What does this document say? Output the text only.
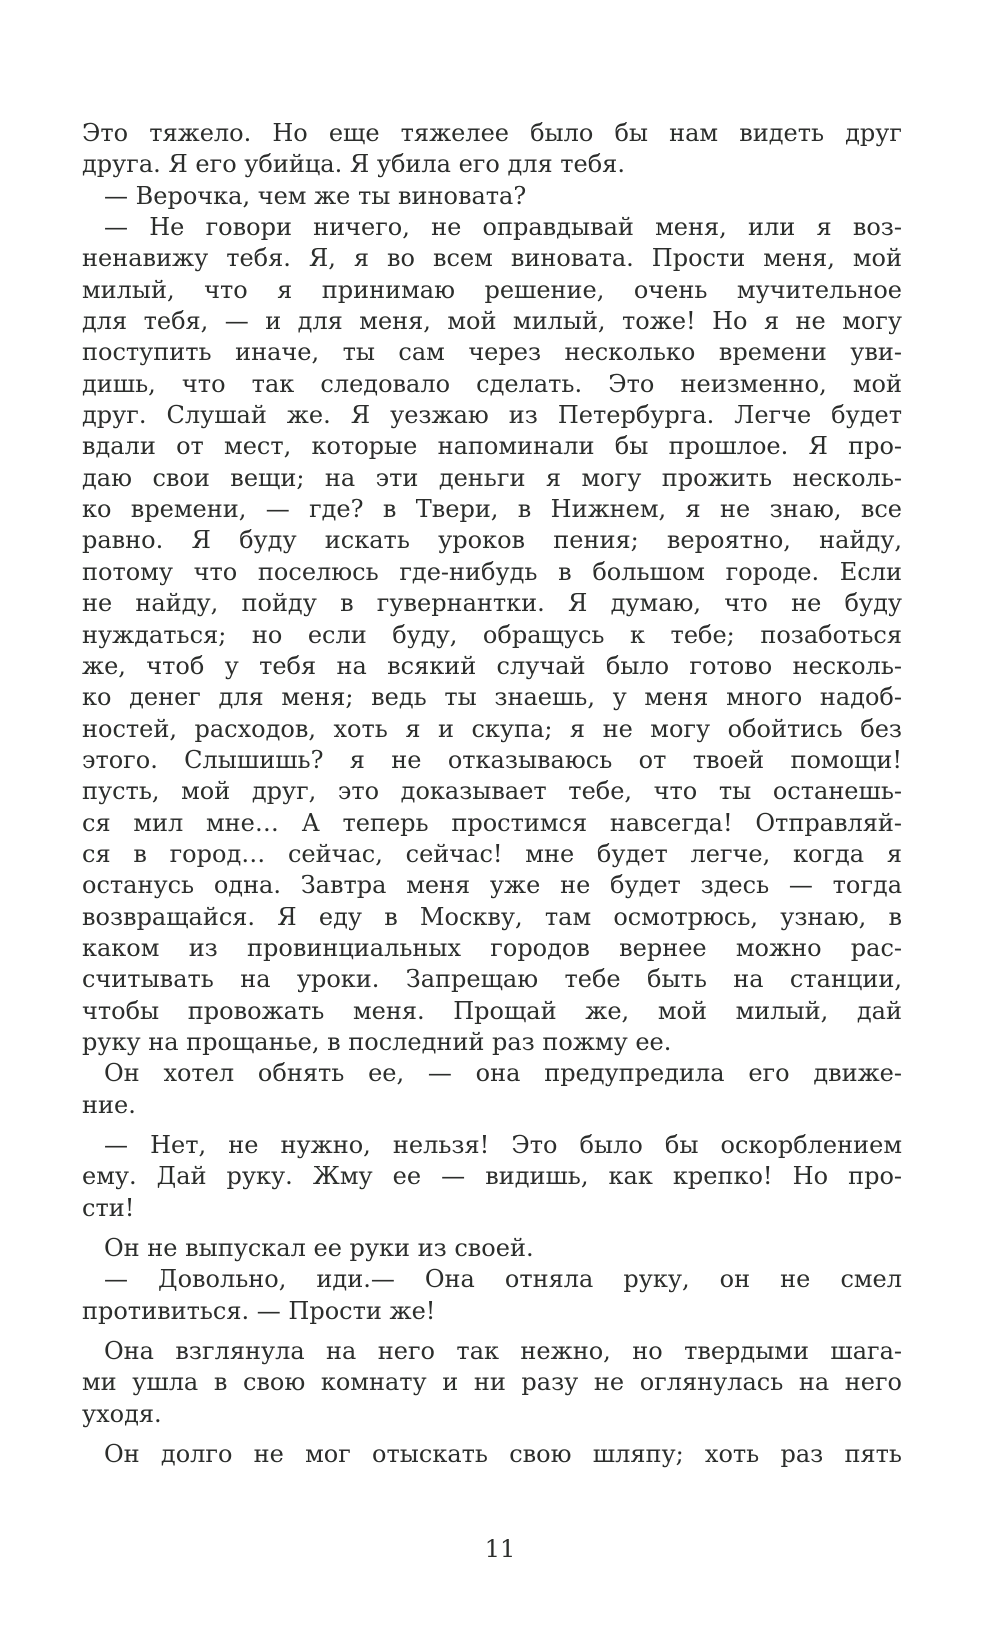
Это тяжело. Но еще тяжелее было бы нам видеть друг
друга. Я его убийца. Я убила его для тебя.
— Верочка, чем же ты виновата?
— Не говори ничего, не оправдывай меня, или я воз-
ненавижу тебя. Я, я во всем виновата. Прости меня, мой
милый, что я принимаю решение, очень мучительное
для тебя, — и для меня, мой милый, тоже! Но я не могу
поступить иначе, ты сам через несколько времени уви-
дишь, что так следовало сделать. Это неизменно, мой
друг. Слушай же. Я уезжаю из Петербурга. Легче будет
вдали от мест, которые напоминали бы прошлое. Я про-
даю свои вещи; на эти деньги я могу прожить несколь-
ко времени, — где? в Твери, в Нижнем, я не знаю, все
равно. Я буду искать уроков пения; вероятно, найду,
потому что поселюсь где-нибудь в большом городе. Если
не найду, пойду в гувернантки. Я думаю, что не буду
нуждаться; но если буду, обращусь к тебе; позаботься
же, чтоб у тебя на всякий случай было готово несколь-
ко денег для меня; ведь ты знаешь, у меня много надоб-
ностей, расходов, хоть я и скупа; я не могу обойтись без
этого. Слышишь? я не отказываюсь от твоей помощи!
пусть, мой друг, это доказывает тебе, что ты останешь-
ся мил мне… А теперь простимся навсегда! Отправляй-
ся в город… сейчас, сейчас! мне будет легче, когда я
останусь одна. Завтра меня уже не будет здесь — тогда
возвращайся. Я еду в Москву, там осмотрюсь, узнаю, в
каком из провинциальных городов вернее можно рас-
считывать на уроки. Запрещаю тебе быть на станции,
чтобы провожать меня. Прощай же, мой милый, дай
руку на прощанье, в последний раз пожму ее.
Он хотел обнять ее, — она предупредила его движе-
ние.
— Нет, не нужно, нельзя! Это было бы оскорблением
ему. Дай руку. Жму ее — видишь, как крепко! Но про-
сти!
Он не выпускал ее руки из своей.
— Довольно, иди.— Она отняла руку, он не смел
противиться. — Прости же!
Она взглянула на него так нежно, но твердыми шага-
ми ушла в свою комнату и ни разу не оглянулась на него
уходя.
Он долго не мог отыскать свою шляпу; хоть раз пять
11
